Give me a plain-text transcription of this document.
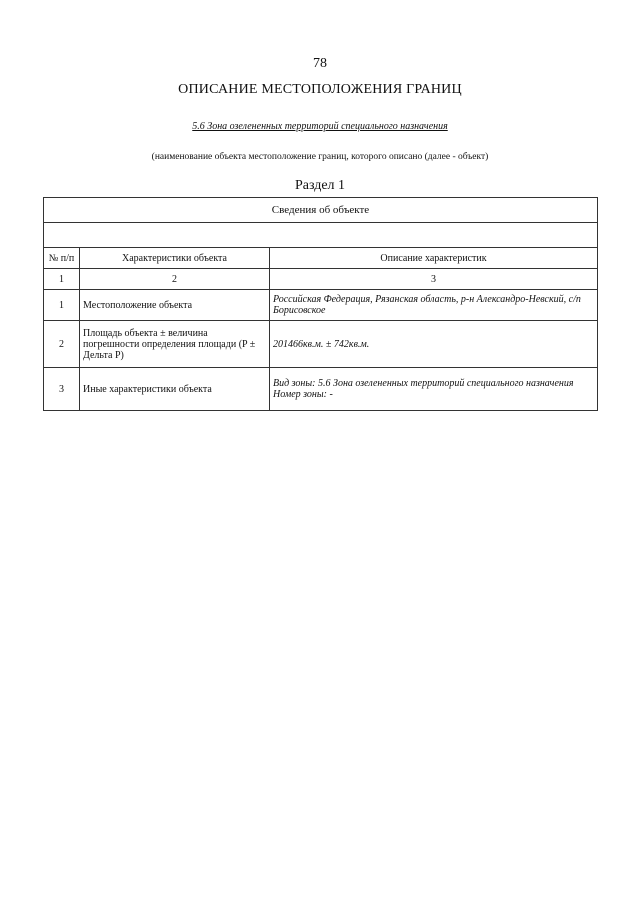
78
ОПИСАНИЕ МЕСТОПОЛОЖЕНИЯ ГРАНИЦ
5.6 Зона озелененных территорий специального назначения
(наименование объекта местоположение границ, которого описано (далее - объект)
Раздел 1
Сведения об объекте		

№ п/п	Характеристики объекта	Описание характеристик
1	2	3
1	Местоположение объекта	Российская Федерация, Рязанская область, р-н Александро-Невский, с/п Борисовское
2	Площадь объекта ± величина погрешности определения площади (P ± Дельта P)	201466кв.м. ± 742кв.м.
3	Иные характеристики объекта	Вид зоны: 5.6 Зона озелененных территорий специального назначения
Номер зоны: -
